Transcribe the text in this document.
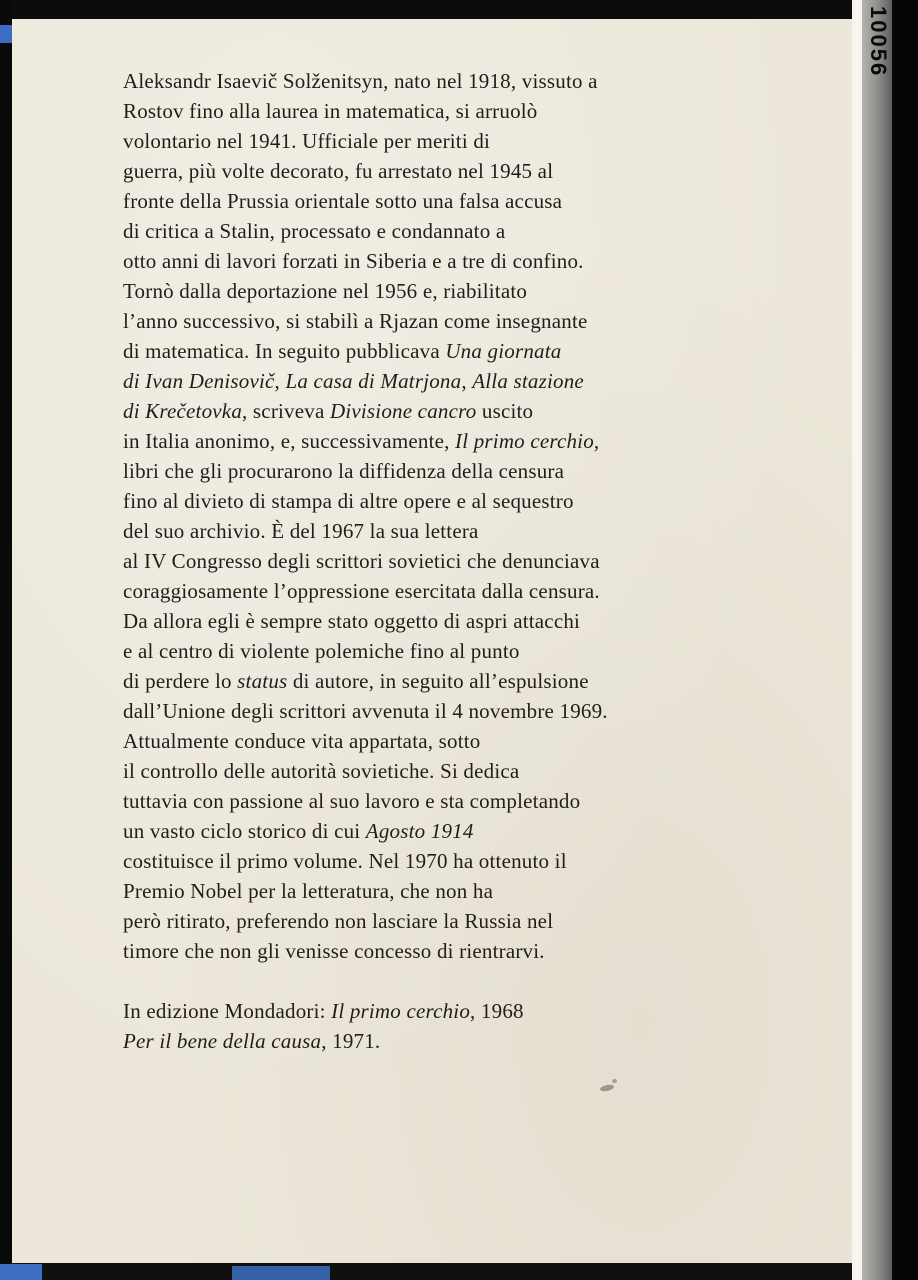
Aleksandr Isaevič Solženitsyn, nato nel 1918, vissuto a
Rostov fino alla laurea in matematica, si arruolò
volontario nel 1941. Ufficiale per meriti di
guerra, più volte decorato, fu arrestato nel 1945 al
fronte della Prussia orientale sotto una falsa accusa
di critica a Stalin, processato e condannato a
otto anni di lavori forzati in Siberia e a tre di confino.
Tornò dalla deportazione nel 1956 e, riabilitato
l’anno successivo, si stabilì a Rjazan come insegnante
di matematica. In seguito pubblicava Una giornata
di Ivan Denisovič, La casa di Matrjona, Alla stazione
di Krečetovka, scriveva Divisione cancro uscito
in Italia anonimo, e, successivamente, Il primo cerchio,
libri che gli procurarono la diffidenza della censura
fino al divieto di stampa di altre opere e al sequestro
del suo archivio. È del 1967 la sua lettera
al IV Congresso degli scrittori sovietici che denunciava
coraggiosamente l’oppressione esercitata dalla censura.
Da allora egli è sempre stato oggetto di aspri attacchi
e al centro di violente polemiche fino al punto
di perdere lo status di autore, in seguito all’espulsione
dall’Unione degli scrittori avvenuta il 4 novembre 1969.
Attualmente conduce vita appartata, sotto
il controllo delle autorità sovietiche. Si dedica
tuttavia con passione al suo lavoro e sta completando
un vasto ciclo storico di cui Agosto 1914
costituisce il primo volume. Nel 1970 ha ottenuto il
Premio Nobel per la letteratura, che non ha
però ritirato, preferendo non lasciare la Russia nel
timore che non gli venisse concesso di rientrarvi.
In edizione Mondadori: Il primo cerchio, 1968
Per il bene della causa, 1971.
10056
